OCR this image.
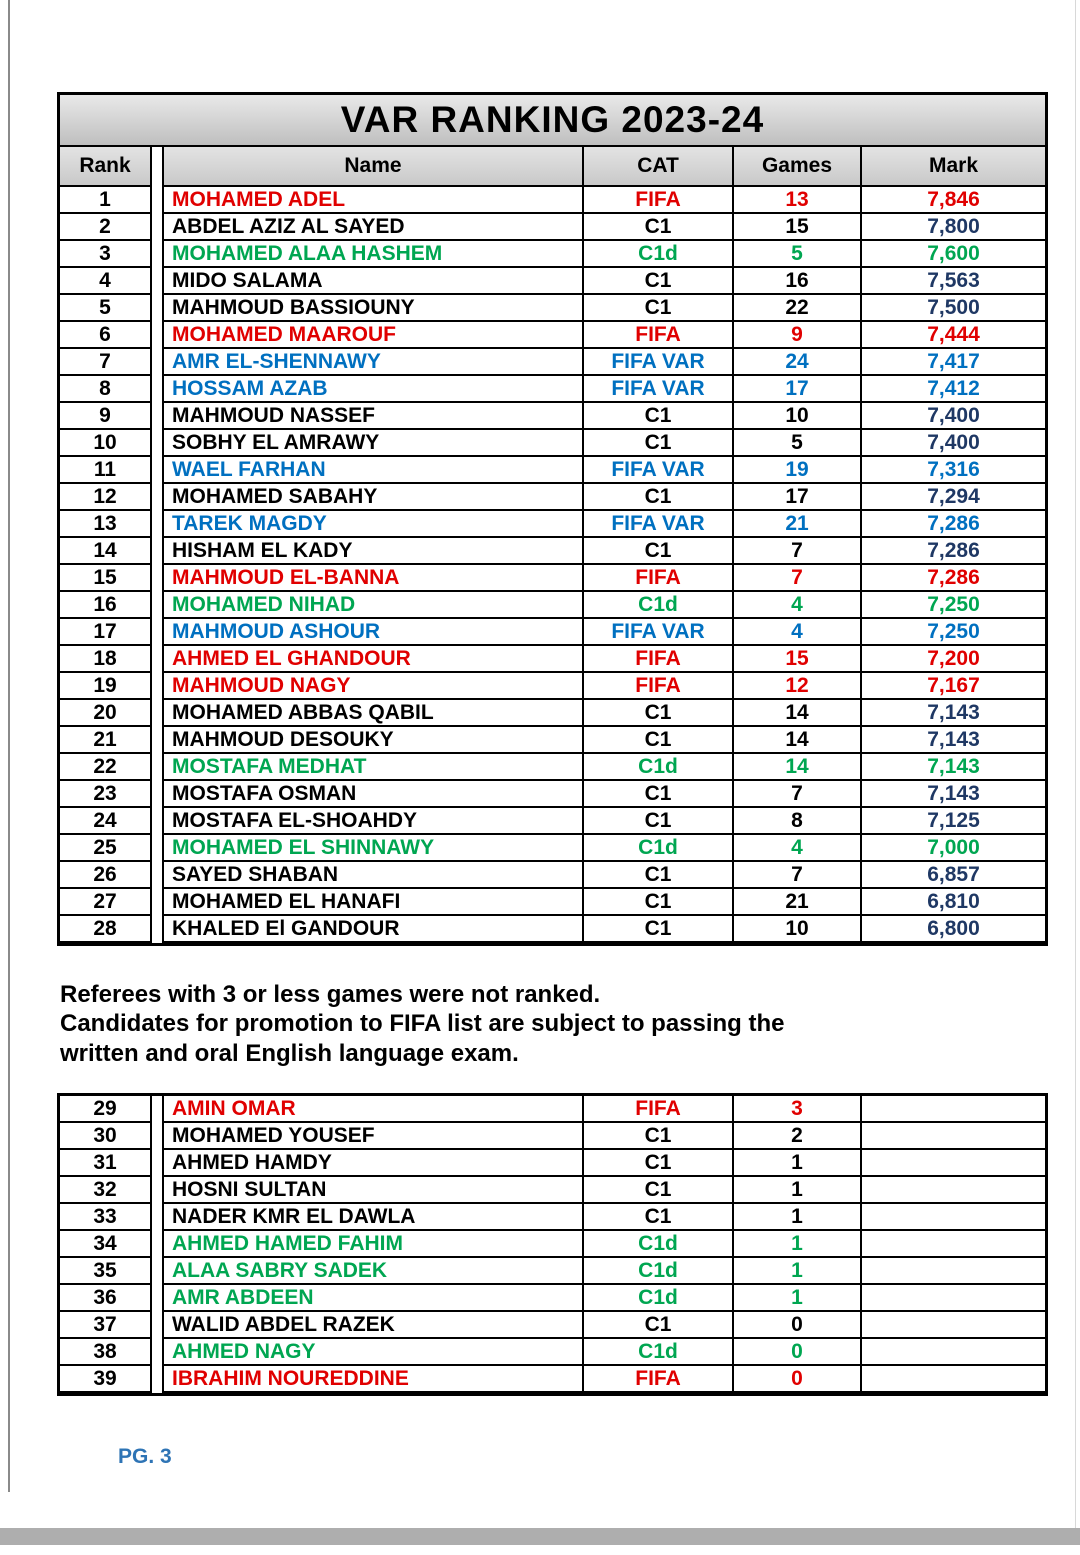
VAR RANKING 2023-24
Rank	Name	CAT	Games	Mark
1	MOHAMED ADEL	FIFA	13	7,846
2	ABDEL AZIZ AL SAYED	C1	15	7,800
3	MOHAMED ALAA HASHEM	C1d	5	7,600
4	MIDO SALAMA	C1	16	7,563
5	MAHMOUD BASSIOUNY	C1	22	7,500
6	MOHAMED MAAROUF	FIFA	9	7,444
7	AMR EL-SHENNAWY	FIFA VAR	24	7,417
8	HOSSAM AZAB	FIFA VAR	17	7,412
9	MAHMOUD NASSEF	C1	10	7,400
10	SOBHY EL AMRAWY	C1	5	7,400
11	WAEL FARHAN	FIFA VAR	19	7,316
12	MOHAMED SABAHY	C1	17	7,294
13	TAREK MAGDY	FIFA VAR	21	7,286
14	HISHAM EL KADY	C1	7	7,286
15	MAHMOUD EL-BANNA	FIFA	7	7,286
16	MOHAMED NIHAD	C1d	4	7,250
17	MAHMOUD ASHOUR	FIFA VAR	4	7,250
18	AHMED EL GHANDOUR	FIFA	15	7,200
19	MAHMOUD NAGY	FIFA	12	7,167
20	MOHAMED ABBAS QABIL	C1	14	7,143
21	MAHMOUD DESOUKY	C1	14	7,143
22	MOSTAFA MEDHAT	C1d	14	7,143
23	MOSTAFA OSMAN	C1	7	7,143
24	MOSTAFA EL-SHOAHDY	C1	8	7,125
25	MOHAMED EL SHINNAWY	C1d	4	7,000
26	SAYED SHABAN	C1	7	6,857
27	MOHAMED EL HANAFI	C1	21	6,810
28	KHALED El GANDOUR	C1	10	6,800
Referees with 3 or less games were not ranked.
Candidates for promotion to FIFA list are subject to passing the
written and oral English language exam.
29	AMIN OMAR	FIFA	3
30	MOHAMED YOUSEF	C1	2
31	AHMED HAMDY	C1	1
32	HOSNI SULTAN	C1	1
33	NADER KMR EL DAWLA	C1	1
34	AHMED HAMED FAHIM	C1d	1
35	ALAA SABRY SADEK	C1d	1
36	AMR ABDEEN	C1d	1
37	WALID ABDEL RAZEK	C1	0
38	AHMED NAGY	C1d	0
39	IBRAHIM NOUREDDINE	FIFA	0
PG. 3
